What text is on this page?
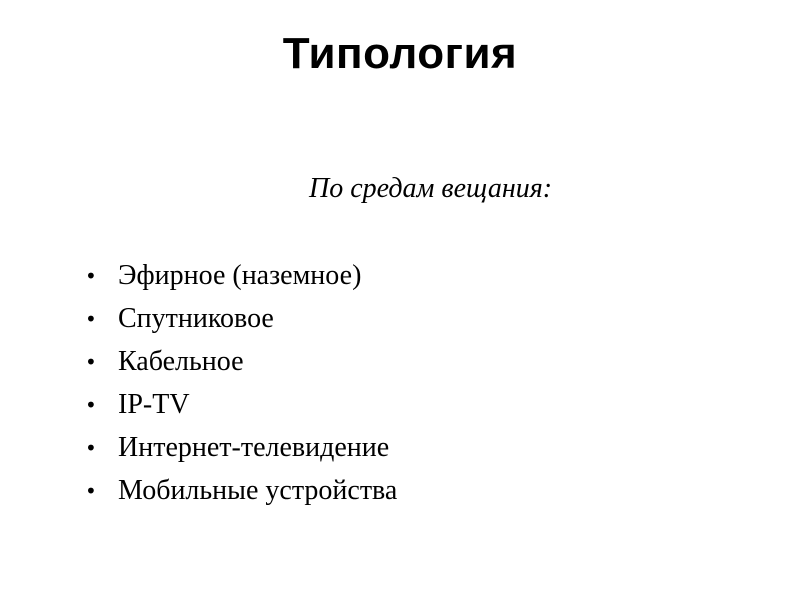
Типология
По средам вещания:
• Эфирное (наземное)
• Спутниковое
• Кабельное
• IP-TV
• Интернет-телевидение
• Мобильные устройства
